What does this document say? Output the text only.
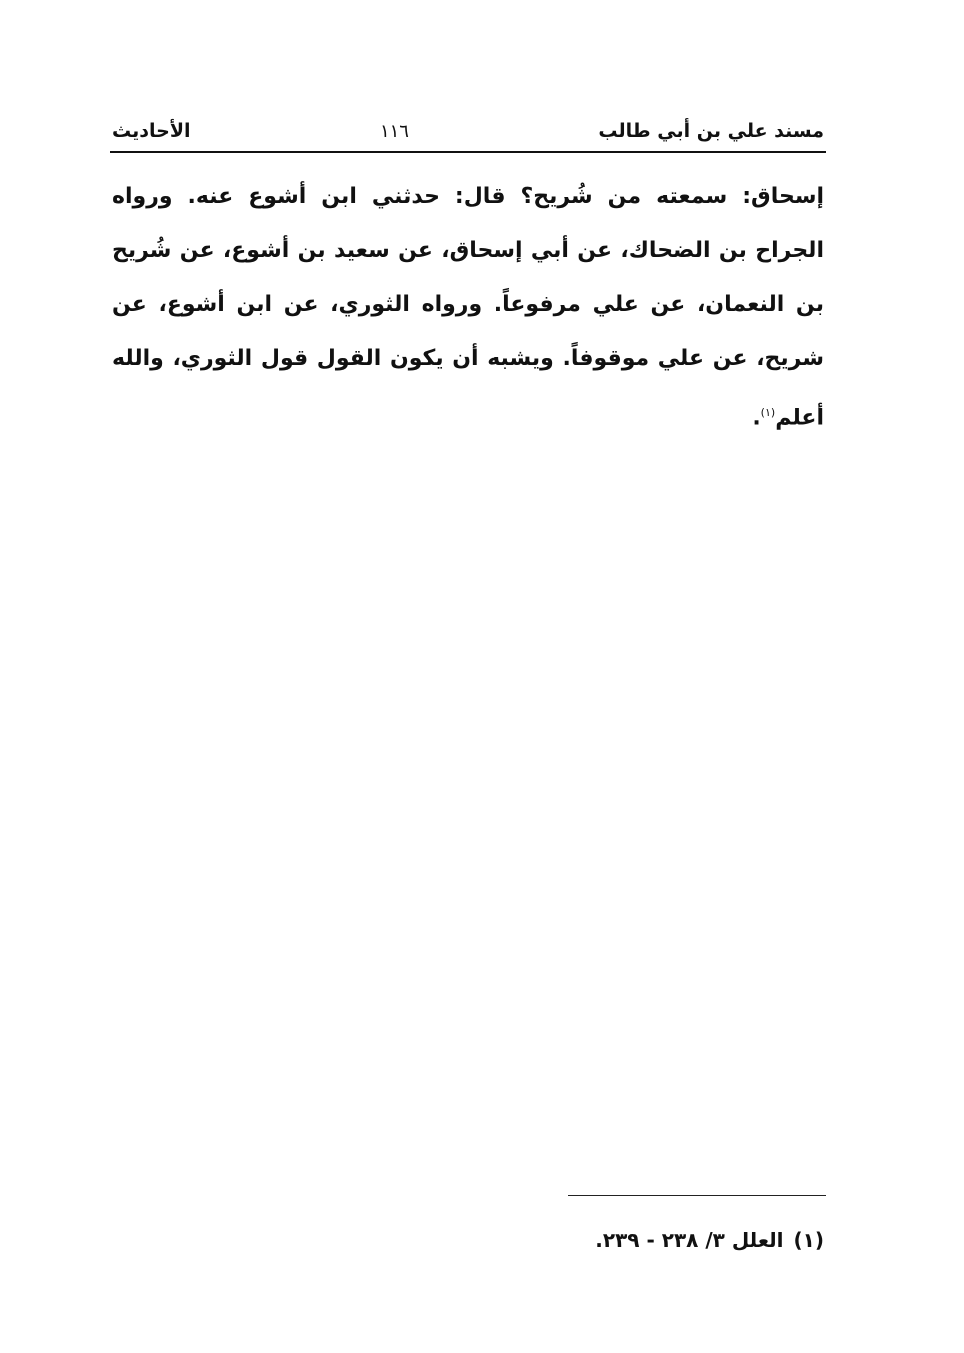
مسند علي بن أبي طالب
١١٦
الأحاديث

إسحاق: سمعته من شُريح؟ قال: حدثني ابن أشوع عنه. ورواه الجراح بن الضحاك، عن أبي إسحاق، عن سعيد بن أشوع، عن شُريح بن النعمان، عن علي مرفوعاً. ورواه الثوري، عن ابن أشوع، عن شريح، عن علي موقوفاً. ويشبه أن يكون القول قول الثوري، والله أعلم$^{(١)}$.

(١)
العلل ٣/ ٢٣٨ - ٢٣٩.
